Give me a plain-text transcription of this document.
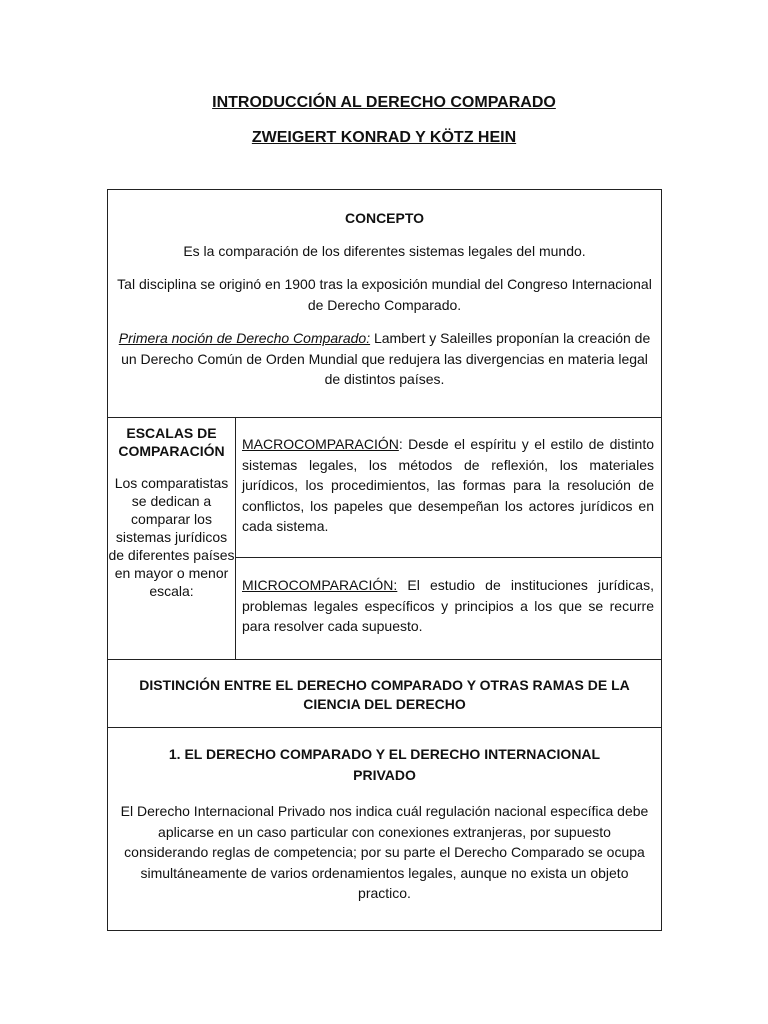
INTRODUCCIÓN AL DERECHO COMPARADO
ZWEIGERT KONRAD Y KÖTZ HEIN
CONCEPTO

Es la comparación de los diferentes sistemas legales del mundo.

Tal disciplina se originó en 1900 tras la exposición mundial del Congreso Internacional de Derecho Comparado.

Primera noción de Derecho Comparado: Lambert y Saleilles proponían la creación de un Derecho Común de Orden Mundial que redujera las divergencias en materia legal de distintos países.

ESCALAS DE COMPARACIÓN
Los comparatistas se dedican a comparar los sistemas jurídicos de diferentes países en mayor o menor escala:
MACROCOMPARACIÓN: Desde el espíritu y el estilo de distinto sistemas legales, los métodos de reflexión, los materiales jurídicos, los procedimientos, las formas para la resolución de conflictos, los papeles que desempeñan los actores jurídicos en cada sistema.
MICROCOMPARACIÓN: El estudio de instituciones jurídicas, problemas legales específicos y principios a los que se recurre para resolver cada supuesto.
DISTINCIÓN ENTRE EL DERECHO COMPARADO Y OTRAS RAMAS DE LA CIENCIA DEL DERECHO
1. EL DERECHO COMPARADO Y EL DERECHO INTERNACIONAL PRIVADO
El Derecho Internacional Privado nos indica cuál regulación nacional específica debe aplicarse en un caso particular con conexiones extranjeras, por supuesto considerando reglas de competencia; por su parte el Derecho Comparado se ocupa simultáneamente de varios ordenamientos legales, aunque no exista un objeto practico.
